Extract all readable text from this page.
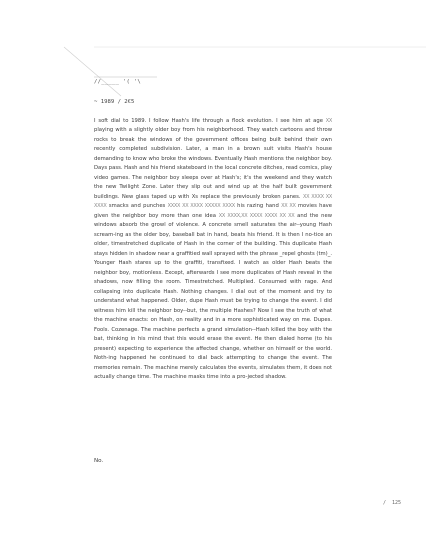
//_____ '( '\
~ 1989 / 2€5

I soft dial to 1989. I follow Hash's life through a flock evolution. I see him at age XX playing with a slightly older boy from his neighborhood. They watch cartoons and throw rocks to break the windows of the government offices being built behind their own recently completed subdivision. Later, a man in a brown suit visits Hash's house demanding to know who broke the windows. Eventually Hash mentions the neighbor boy. Days pass. Hash and his friend skateboard in the local concrete ditches, read comics, play video games. The neighbor boy sleeps over at Hash's; it's the weekend and they watch the new Twilight Zone. Later they slip out and wind up at the half built government buildings. New glass taped up with Xs replace the previously broken panes. XX XXXX XX XXXX smacks and punches XXXX XX XXXX XXXXX XXXX his razing hand XX XX movies have given the neighbor boy more than one idea XX XXXX,XX XXXX XXXX XX XX and the new windows absorb the growl of violence. A concrete smell saturates the air--young Hash scream-ing as the older boy, baseball bat in hand, beats his friend. It is then I no-tice an older, timestretched duplicate of Hash in the corner of the building. This duplicate Hash stays hidden in shadow near a graffitied wall sprayed with the phrase _repel ghosts (tm)_. Younger Hash stares up to the graffiti, transfixed. I watch as older Hash beats the neighbor boy, motionless. Except, afterwards I see more duplicates of Hash reveal in the shadows, now filling the room. Timestretched. Multiplied. Consumed with rage. And collapsing into duplicate Hash. Nothing changes. I dial out of the moment and try to understand what happened. Older, dupe Hash must be trying to change the event. I did witness him kill the neighbor boy--but, the multiple Hashes? Now I see the truth of what the machine enacts: on Hash, on reality and in a more sophisticated way on me. Dupes. Fools. Cozenage. The machine perfects a grand simulation--Hash killed the boy with the bat, thinking in his mind that this would erase the event. He then dialed home (to his present) expecting to experience the affected change, whether on himself or the world. Noth-ing happened he continued to dial back attempting to change the event. The memories remain. The machine merely calculates the events, simulates them, it does not actually change time. The machine masks time into a pro-jected shadow.

No.
/  125
